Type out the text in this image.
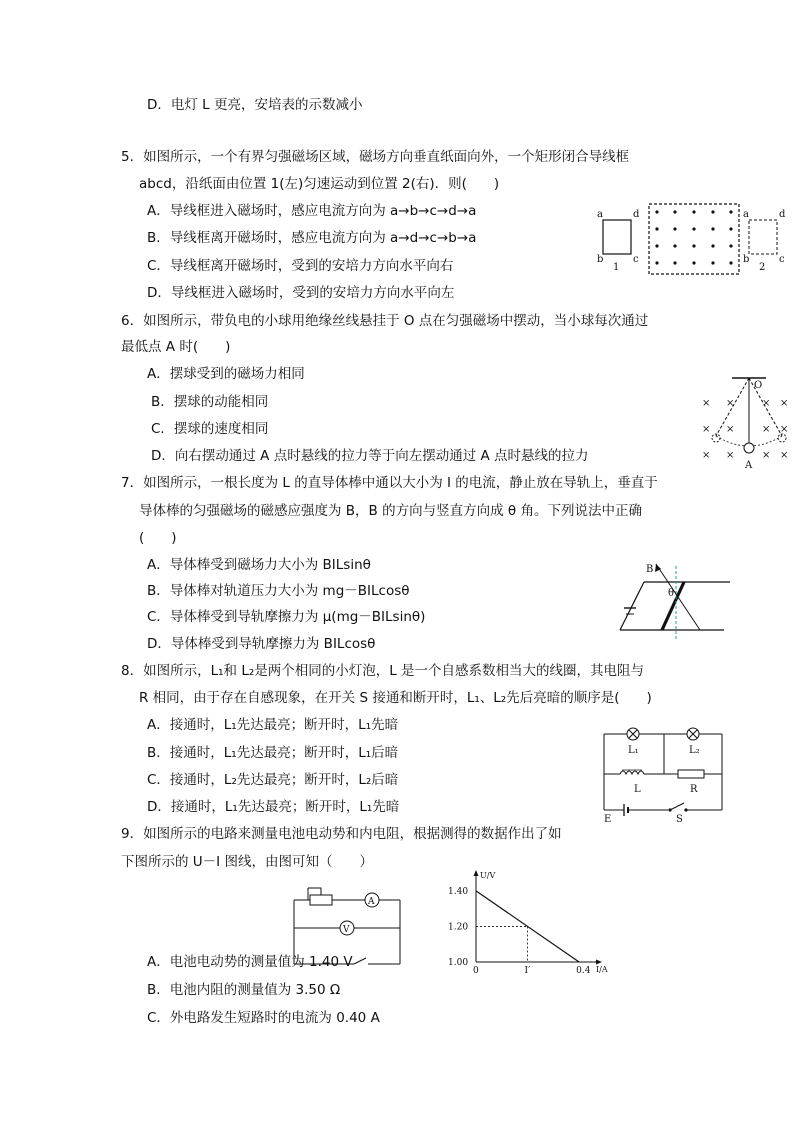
D．电灯 L 更亮，安培表的示数减小
5．如图所示，一个有界匀强磁场区域，磁场方向垂直纸面向外，一个矩形闭合导线框
abcd，沿纸面由位置 1(左)匀速运动到位置 2(右)．则(　　)
A．导线框进入磁场时，感应电流方向为 a→b→c→d→a
B．导线框离开磁场时，感应电流方向为 a→d→c→b→a
C．导线框离开磁场时，受到的安培力方向水平向右
D．导线框进入磁场时，受到的安培力方向水平向左
a	d
b	c
1
a	d
b	c
2
6．如图所示，带负电的小球用绝缘丝线悬挂于 O 点在匀强磁场中摆动，当小球每次通过
最低点 A 时(　　)
A．摆球受到的磁场力相同
B．摆球的动能相同
C．摆球的速度相同
D．向右摆动通过 A 点时悬线的拉力等于向左摆动通过 A 点时悬线的拉力
O
A
× ×	× ×
× ×	× ×
× ×	× ×
7．如图所示，一根长度为 L 的直导体棒中通以大小为 I 的电流，静止放在导轨上，垂直于
导体棒的匀强磁场的磁感应强度为 B，B 的方向与竖直方向成 θ 角。下列说法中正确
(　　)
A．导体棒受到磁场力大小为 BILsinθ
B．导体棒对轨道压力大小为 mg－BILcosθ
C．导体棒受到导轨摩擦力为 μ(mg－BILsinθ)
D．导体棒受到导轨摩擦力为 BILcosθ
B
θ
8．如图所示，L₁和 L₂是两个相同的小灯泡，L 是一个自感系数相当大的线圈，其电阻与
R 相同，由于存在自感现象，在开关 S 接通和断开时，L₁、L₂先后亮暗的顺序是(　　)
A．接通时，L₁先达最亮；断开时，L₁先暗
B．接通时，L₁先达最亮；断开时，L₁后暗
C．接通时，L₂先达最亮；断开时，L₂后暗
D．接通时，L₁先达最亮；断开时，L₁先暗
L₁	L₂
L	R
E	S
9．如图所示的电路来测量电池电动势和内电阻，根据测得的数据作出了如
下图所示的 U－I 图线，由图可知（　　）
A
V
U/V
I/A
1.40
1.20
1.00
0	I′	0.4
A．电池电动势的测量值为 1.40 V
B．电池内阻的测量值为 3.50 Ω
C．外电路发生短路时的电流为 0.40 A
